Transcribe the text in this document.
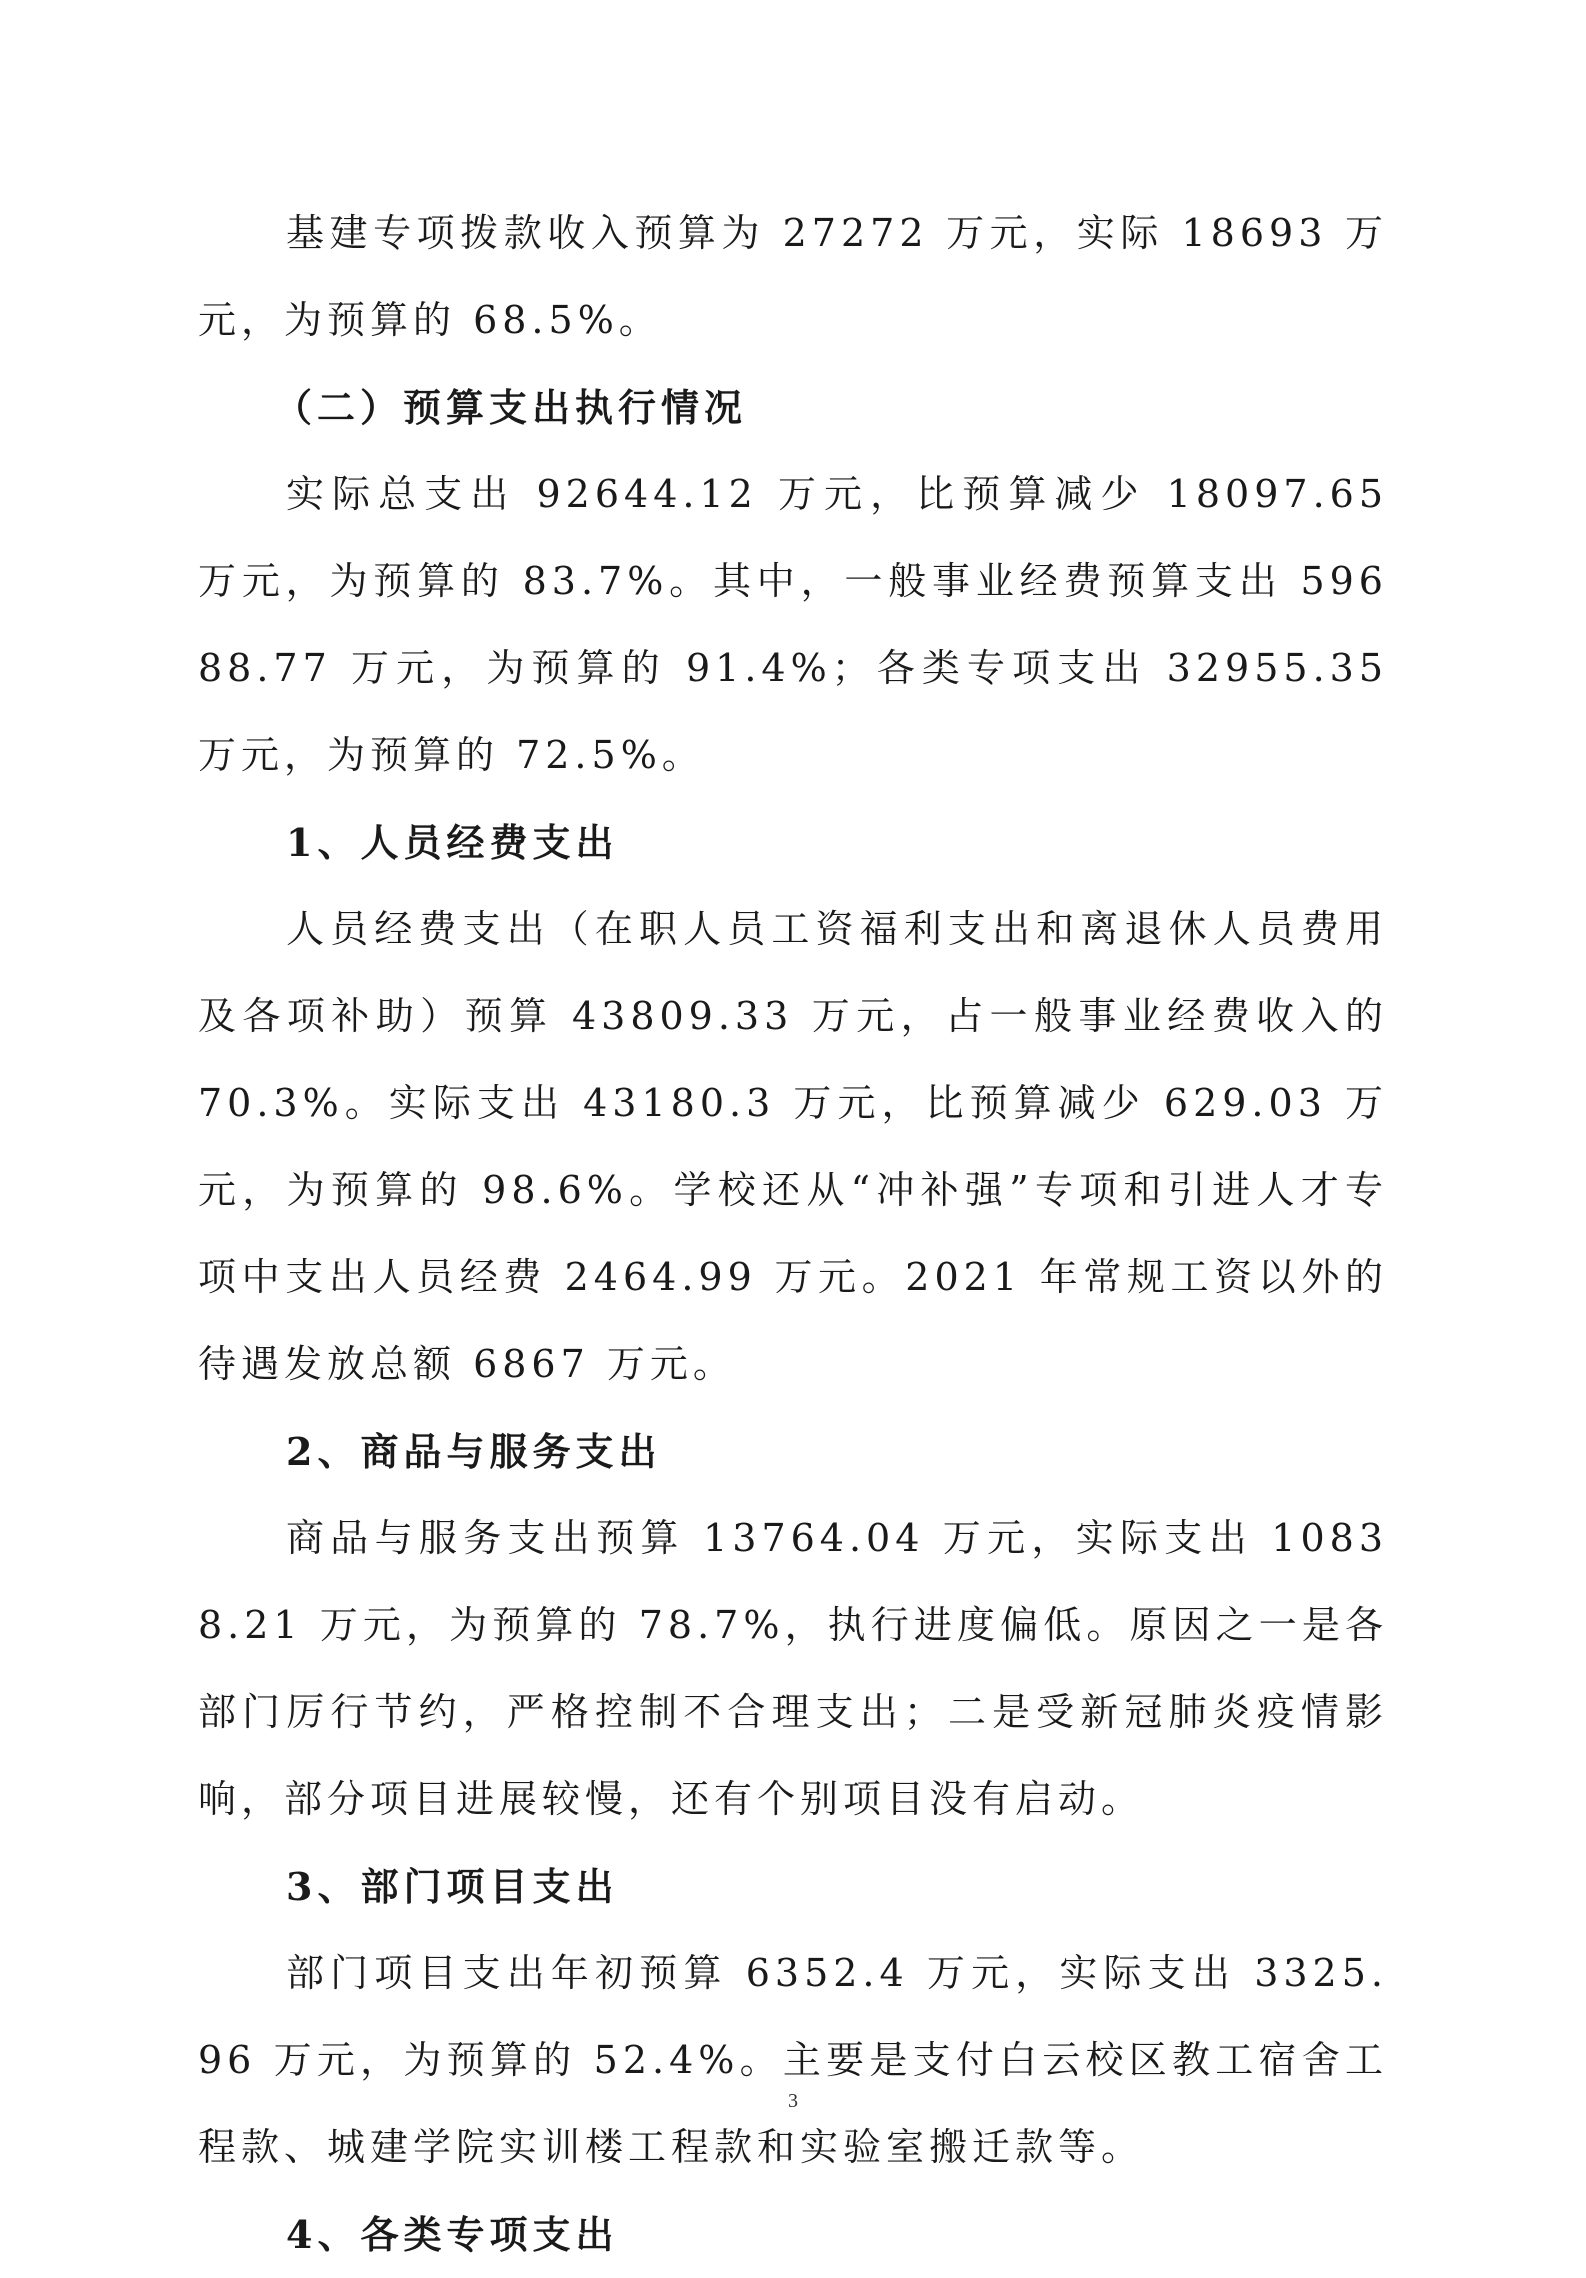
基建专项拨款收入预算为 27272 万元，实际 18693 万元，为预算的 68.5%。

（二）预算支出执行情况

实际总支出 92644.12 万元，比预算减少 18097.65 万元，为预算的 83.7%。其中，一般事业经费预算支出 59688.77 万元，为预算的 91.4%；各类专项支出 32955.35 万元，为预算的 72.5%。

1、人员经费支出

人员经费支出（在职人员工资福利支出和离退休人员费用及各项补助）预算 43809.33 万元，占一般事业经费收入的 70.3%。实际支出 43180.3 万元，比预算减少 629.03 万元，为预算的 98.6%。学校还从“冲补强”专项和引进人才专项中支出人员经费 2464.99 万元。2021 年常规工资以外的待遇发放总额 6867 万元。

2、商品与服务支出

商品与服务支出预算 13764.04 万元，实际支出 10838.21 万元，为预算的 78.7%，执行进度偏低。原因之一是各部门厉行节约，严格控制不合理支出；二是受新冠肺炎疫情影响，部分项目进展较慢，还有个别项目没有启动。

3、部门项目支出

部门项目支出年初预算 6352.4 万元，实际支出 3325.96 万元，为预算的 52.4%。主要是支付白云校区教工宿舍工程款、城建学院实训楼工程款和实验室搬迁款等。

4、各类专项支出

3
